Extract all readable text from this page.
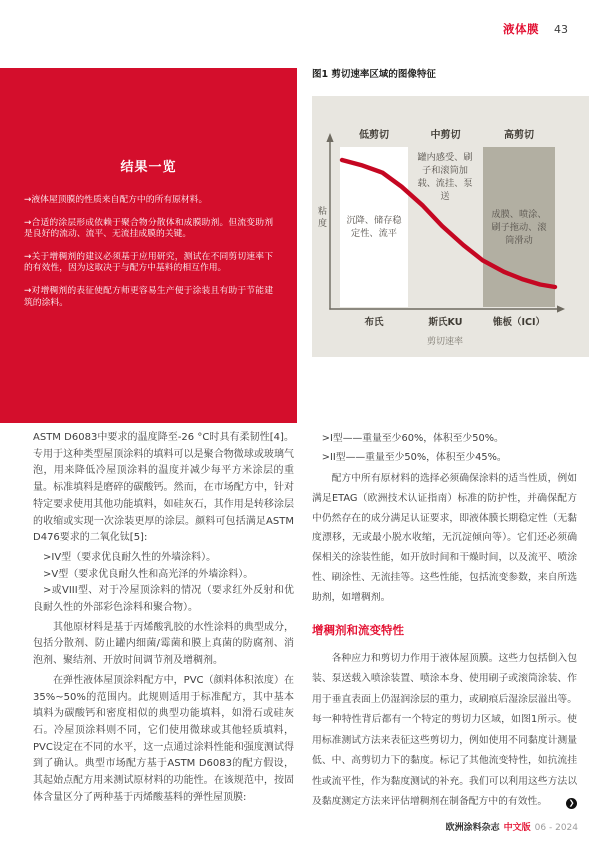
液体膜 43
结果一览

→液体屋顶膜的性质来自配方中的所有原材料。

→合适的涂层形成依赖于聚合物分散体和成膜助剂。但流变助剂是良好的流动、流平、无流挂成膜的关键。

→关于增稠剂的建议必须基于应用研究，测试在不同剪切速率下的有效性，因为这取决于与配方中基料的相互作用。

→对增稠剂的表征使配方师更容易生产便于涂装且有助于节能建筑的涂料。

图1 剪切速率区域的图像特征
低剪切	中剪切	高剪切
沉降、储存稳定性、流平
成膜、喷涂、刷子拖动、滚筒滑动
罐内感受、刷子和滚筒加载、流挂、泵送
粘度
布氏	斯氏KU	锥板（ICI）
剪切速率

ASTM D6083中要求的温度降至-26 °C时具有柔韧性[4]。专用于这种类型屋顶涂料的填料可以是聚合物微球或玻璃气泡，用来降低冷屋顶涂料的温度并减少每平方米涂层的重量。标准填料是磨碎的碳酸钙。然而，在市场配方中，针对特定要求使用其他功能填料，如硅灰石，其作用是转移涂层的收缩或实现一次涂装更厚的涂层。颜料可包括满足ASTM D476要求的二氧化钛[5]:

>IV型（要求优良耐久性的外墙涂料）。

>V型（要求优良耐久性和高光泽的外墙涂料）。

>或VIII型、对于冷屋顶涂料的情况（要求红外反射和优良耐久性的外部彩色涂料和聚合物）。

其他原材料是基于丙烯酸乳胶的水性涂料的典型成分，包括分散剂、防止罐内细菌/霉菌和膜上真菌的防腐剂、消泡剂、聚结剂、开放时间调节剂及增稠剂。

在弹性液体屋顶涂料配方中，PVC（颜料体积浓度）在35%~50%的范围内。此规则适用于标准配方，其中基本填料为碳酸钙和密度相似的典型功能填料，如滑石或硅灰石。冷屋顶涂料则不同，它们使用微球或其他轻质填料，PVC设定在不同的水平，这一点通过涂料性能和强度测试得到了确认。典型市场配方基于ASTM D6083的配方假设，其起始点配方用来测试原材料的功能性。在该规范中，按固体含量区分了两种基于丙烯酸基料的弹性屋顶膜:

>I型——重量至少60%，体积至少50%。

>II型——重量至少50%，体积至少45%。

配方中所有原材料的选择必须确保涂料的适当性质，例如满足ETAG（欧洲技术认证指南）标准的防护性，并确保配方中仍然存在的成分满足认证要求，即液体膜长期稳定性（无黏度漂移，无或最小脱水收缩，无沉淀倾向等）。它们还必须确保相关的涂装性能，如开放时间和干燥时间，以及流平、喷涂性、刷涂性、无流挂等。这些性能，包括流变参数，来自所选助剂，如增稠剂。

增稠剂和流变特性

各种应力和剪切力作用于液体屋顶膜。这些力包括倒入包装、泵送载入喷涂装置、喷涂本身、使用刷子或滚筒涂装、作用于垂直表面上仍湿润涂层的重力，或刷痕后湿涂层溢出等。每一种特性背后都有一个特定的剪切力区域，如图1所示。使用标准测试方法来表征这些剪切力，例如使用不同黏度计测量低、中、高剪切力下的黏度。标记了其他流变特性，如抗流挂性或流平性，作为黏度测试的补充。我们可以利用这些方法以及黏度测定方法来评估增稠剂在制备配方中的有效性。	❯

欧洲涂料杂志 中文版 06 - 2024
